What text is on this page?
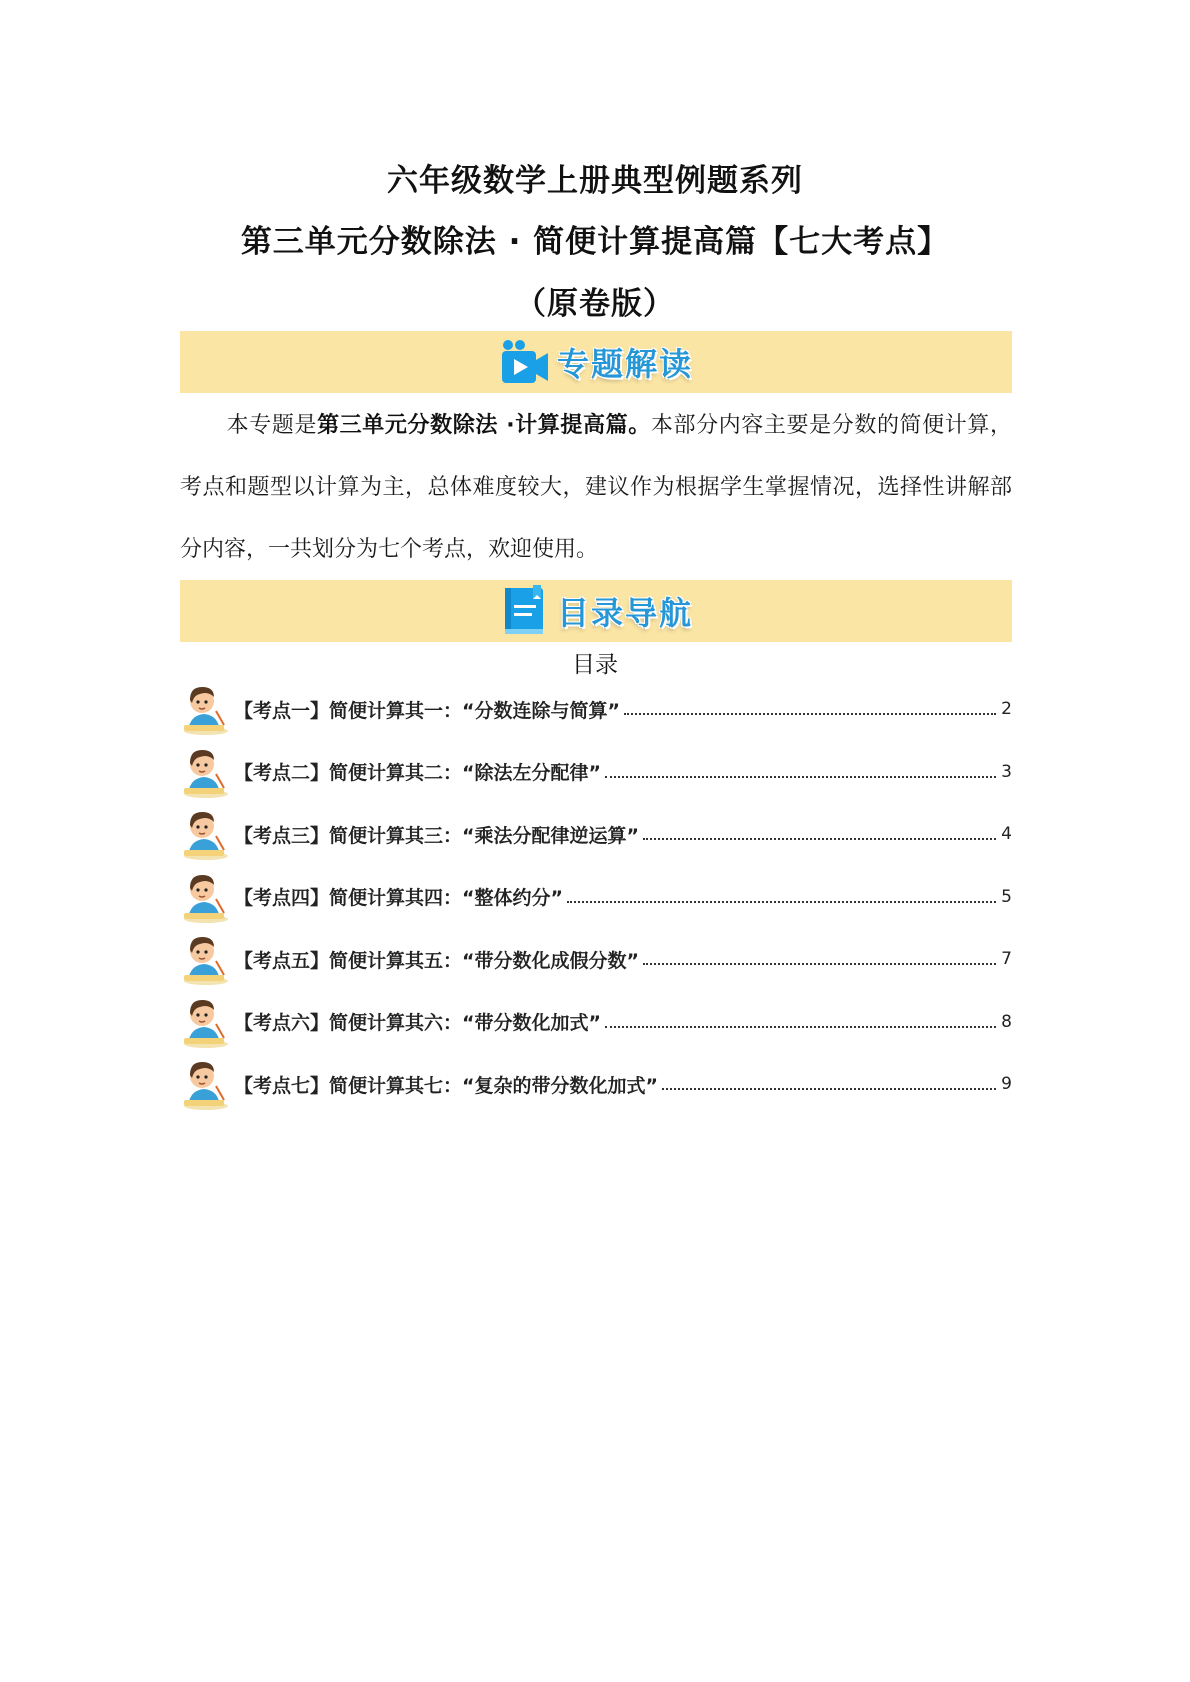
六年级数学上册典型例题系列
第三单元分数除法 · 简便计算提高篇【七大考点】
（原卷版）
专题解读
本专题是第三单元分数除法 ·计算提高篇。本部分内容主要是分数的简便计算，考点和题型以计算为主，总体难度较大，建议作为根据学生掌握情况，选择性讲解部分内容，一共划分为七个考点，欢迎使用。
目录导航
目录
【考点一】简便计算其一： “分数连除与简算”	2
【考点二】简便计算其二： “除法左分配律”	3
【考点三】简便计算其三： “乘法分配律逆运算”	4
【考点四】简便计算其四： “整体约分”	5
【考点五】简便计算其五： “带分数化成假分数”	7
【考点六】简便计算其六： “带分数化加式”	8
【考点七】简便计算其七： “复杂的带分数化加式”	9
